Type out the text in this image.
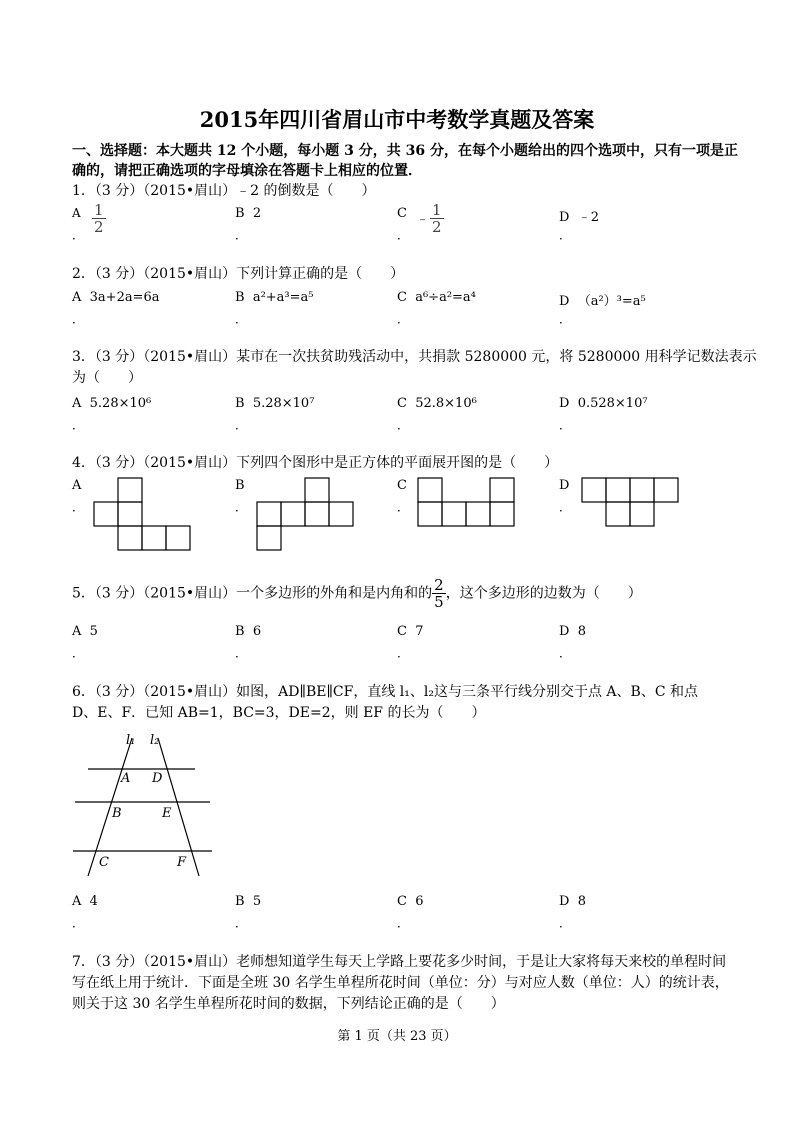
2015年四川省眉山市中考数学真题及答案
一、选择题：本大题共 12 个小题，每小题 3 分，共 36 分，在每个小题给出的四个选项中，只有一项是正
确的，请把正确选项的字母填涂在答题卡上相应的位置．
1．（3 分）（2015•眉山）﹣2 的倒数是（　　）
A $\frac{1}{2}$
．
B 2
．
C ﹣ $\frac{1}{2}$
．
D ﹣2
．
2．（3 分）（2015•眉山）下列计算正确的是（　　）
A 3a+2a=6a	B a²+a³=a⁵	C a⁶÷a²=a⁴	D （a²）³=a⁵
．	．	．	．
3．（3 分）（2015•眉山）某市在一次扶贫助残活动中，共捐款 5280000 元，将 5280000 用科学记数法表示
为（　　）
A 5.28×10⁶	B 5.28×10⁷	C 52.8×10⁶	D 0.528×10⁷
．	．	．	．
4．（3 分）（2015•眉山）下列四个图形中是正方体的平面展开图的是（　　）
A
．
B
．
C
．
D
．
5．（3 分）（2015•眉山）一个多边形的外角和是内角和的 $\frac{2}{5}$ ，这个多边形的边数为（　　）
A 5	B 6	C 7	D 8
．	．	．	．
6．（3 分）（2015•眉山）如图，AD∥BE∥CF，直线 l₁、l₂这与三条平行线分别交于点 A、B、C 和点
D、E、F．已知 AB=1，BC=3，DE=2，则 EF 的长为（　　）
l₁ l₂
A D
B	E
C	F
A 4	B 5	C 6	D 8
．	．	．	．
7．（3 分）（2015•眉山）老师想知道学生每天上学路上要花多少时间，于是让大家将每天来校的单程时间
写在纸上用于统计．下面是全班 30 名学生单程所花时间（单位：分）与对应人数（单位：人）的统计表，
则关于这 30 名学生单程所花时间的数据，下列结论正确的是（　　）
第 1 页（共 23 页）
